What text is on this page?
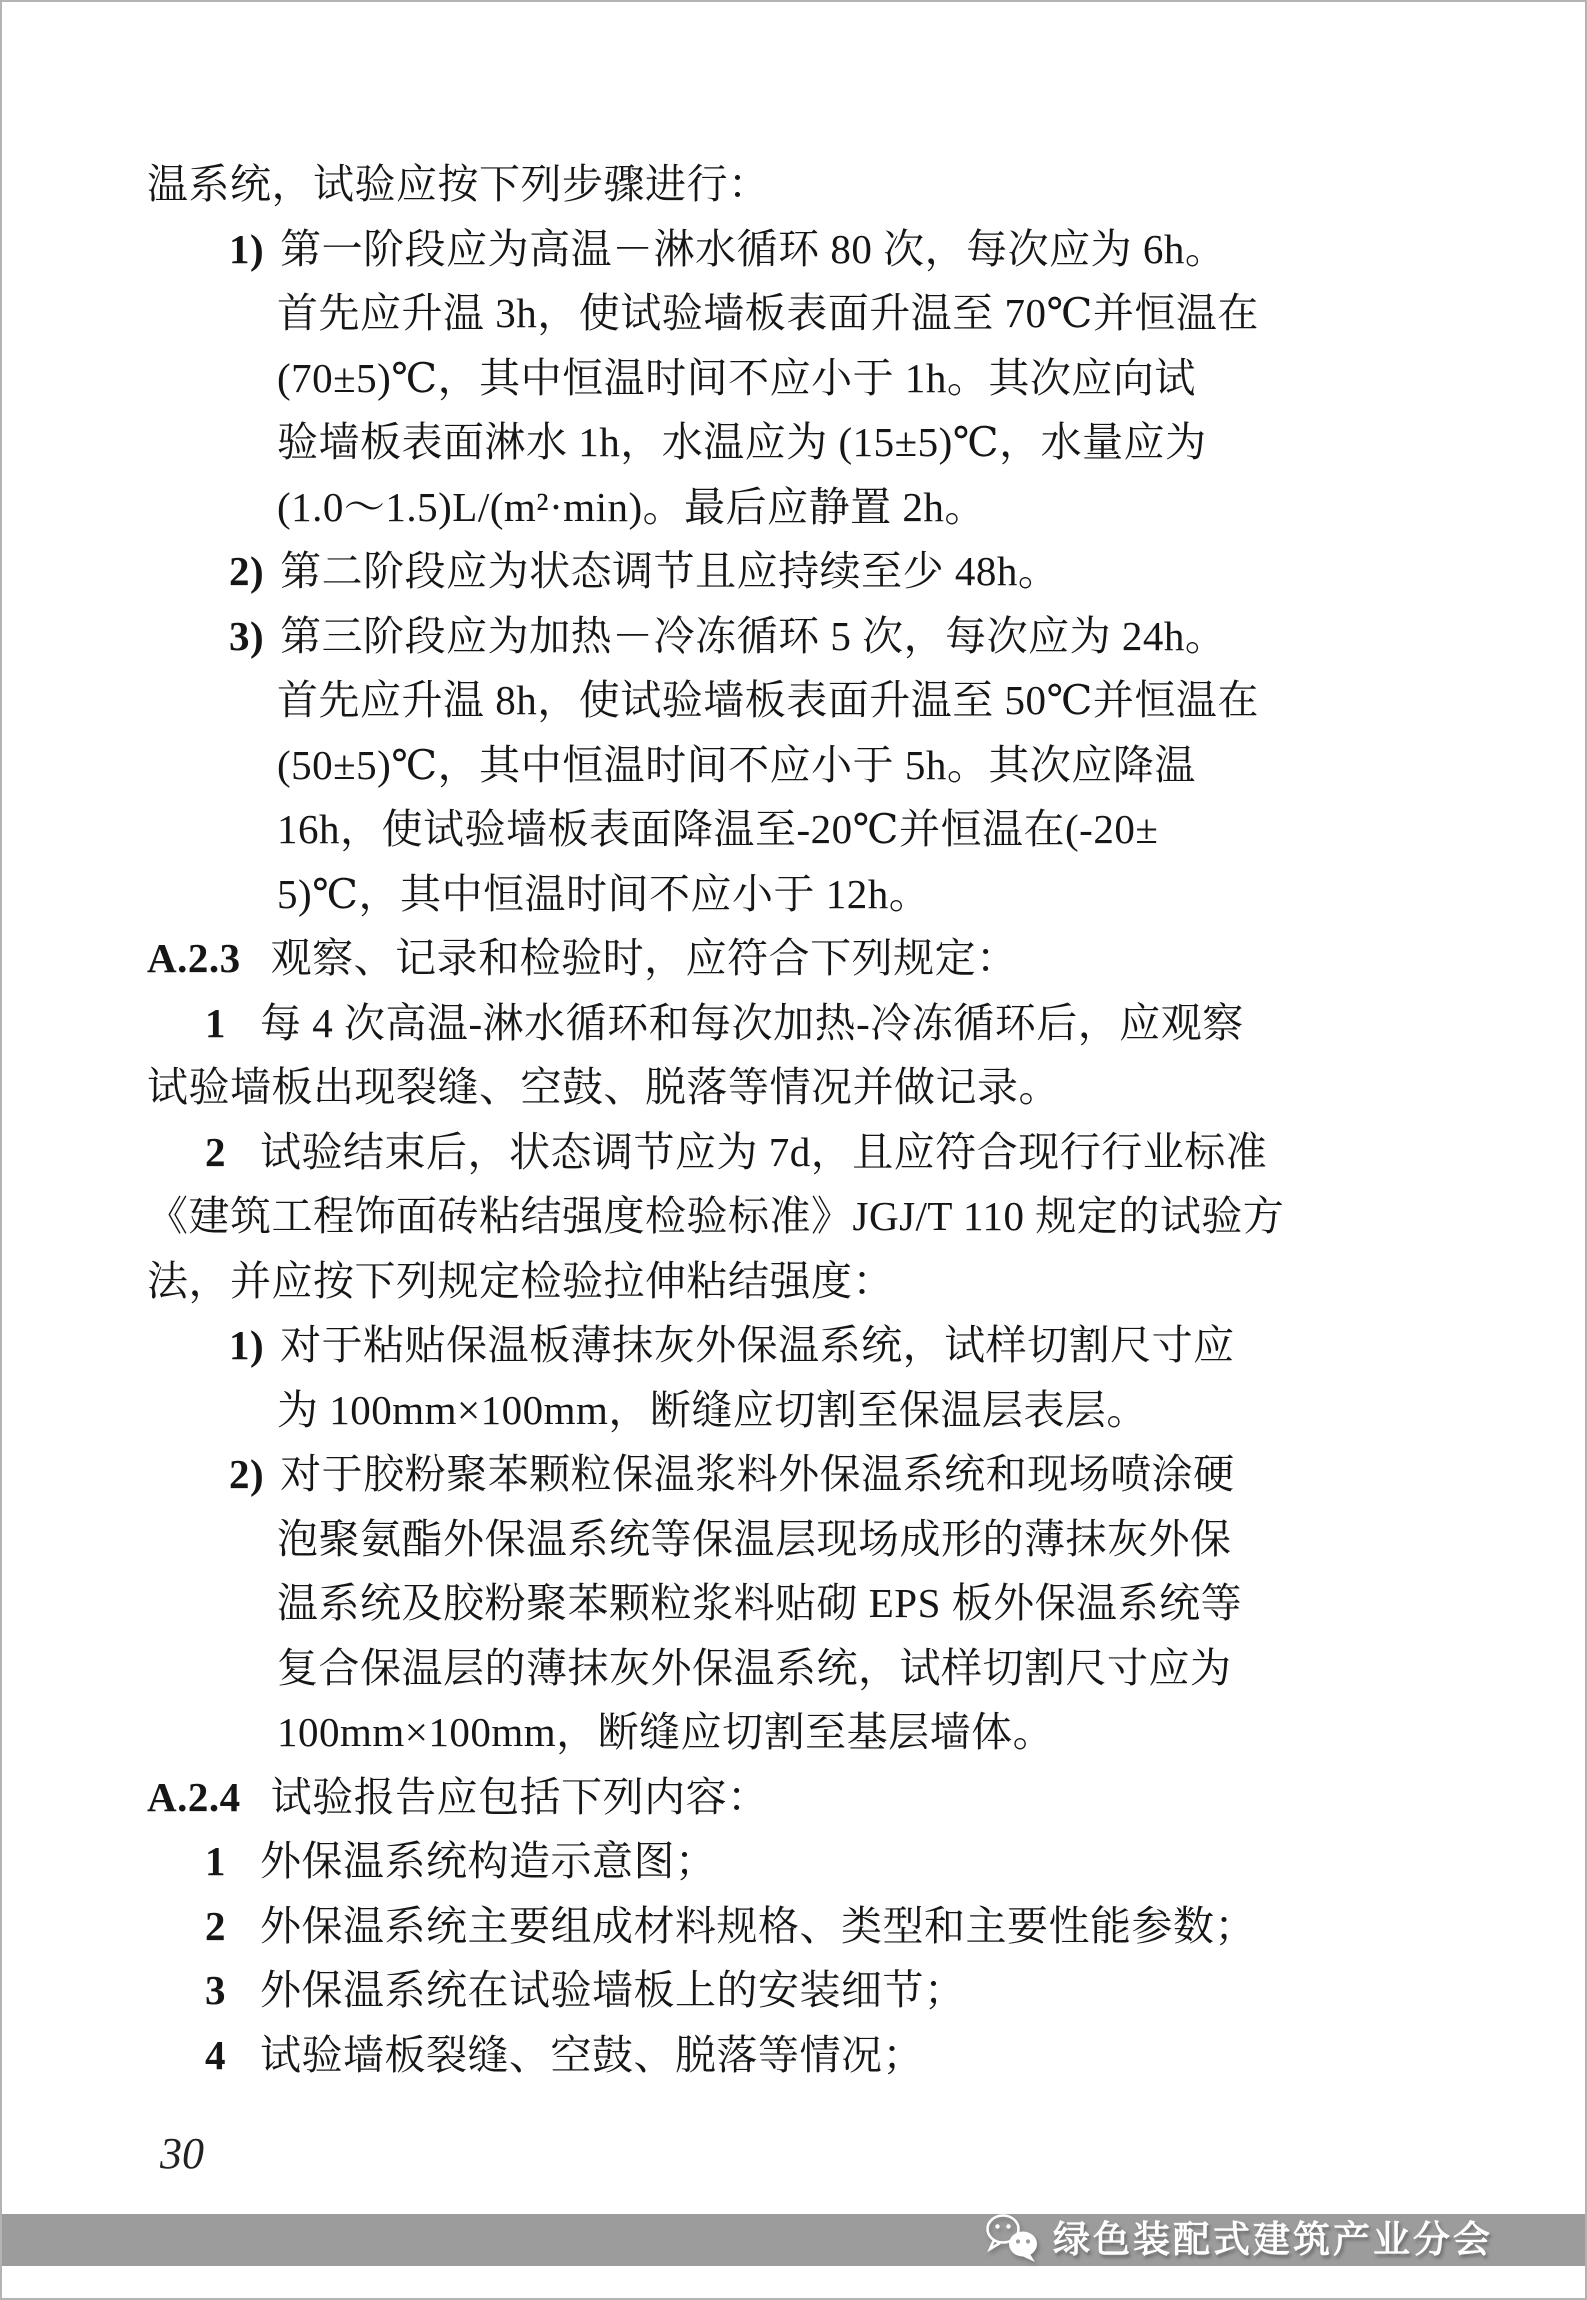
温系统，试验应按下列步骤进行：
1) 第一阶段应为高温－淋水循环 80 次，每次应为 6h。
首先应升温 3h，使试验墙板表面升温至 70℃并恒温在
(70±5)℃，其中恒温时间不应小于 1h。其次应向试
验墙板表面淋水 1h，水温应为 (15±5)℃，水量应为
(1.0～1.5)L/(m²·min)。最后应静置 2h。
2) 第二阶段应为状态调节且应持续至少 48h。
3) 第三阶段应为加热－冷冻循环 5 次，每次应为 24h。
首先应升温 8h，使试验墙板表面升温至 50℃并恒温在
(50±5)℃，其中恒温时间不应小于 5h。其次应降温
16h，使试验墙板表面降温至-20℃并恒温在(-20±
5)℃，其中恒温时间不应小于 12h。
A.2.3 观察、记录和检验时，应符合下列规定：
1 每 4 次高温-淋水循环和每次加热-冷冻循环后，应观察
试验墙板出现裂缝、空鼓、脱落等情况并做记录。
2 试验结束后，状态调节应为 7d，且应符合现行行业标准
《建筑工程饰面砖粘结强度检验标准》JGJ/T 110 规定的试验方
法，并应按下列规定检验拉伸粘结强度：
1) 对于粘贴保温板薄抹灰外保温系统，试样切割尺寸应
为 100mm×100mm，断缝应切割至保温层表层。
2) 对于胶粉聚苯颗粒保温浆料外保温系统和现场喷涂硬
泡聚氨酯外保温系统等保温层现场成形的薄抹灰外保
温系统及胶粉聚苯颗粒浆料贴砌 EPS 板外保温系统等
复合保温层的薄抹灰外保温系统，试样切割尺寸应为
100mm×100mm，断缝应切割至基层墙体。
A.2.4 试验报告应包括下列内容：
1 外保温系统构造示意图；
2 外保温系统主要组成材料规格、类型和主要性能参数；
3 外保温系统在试验墙板上的安装细节；
4 试验墙板裂缝、空鼓、脱落等情况；
30
绿色装配式建筑产业分会
